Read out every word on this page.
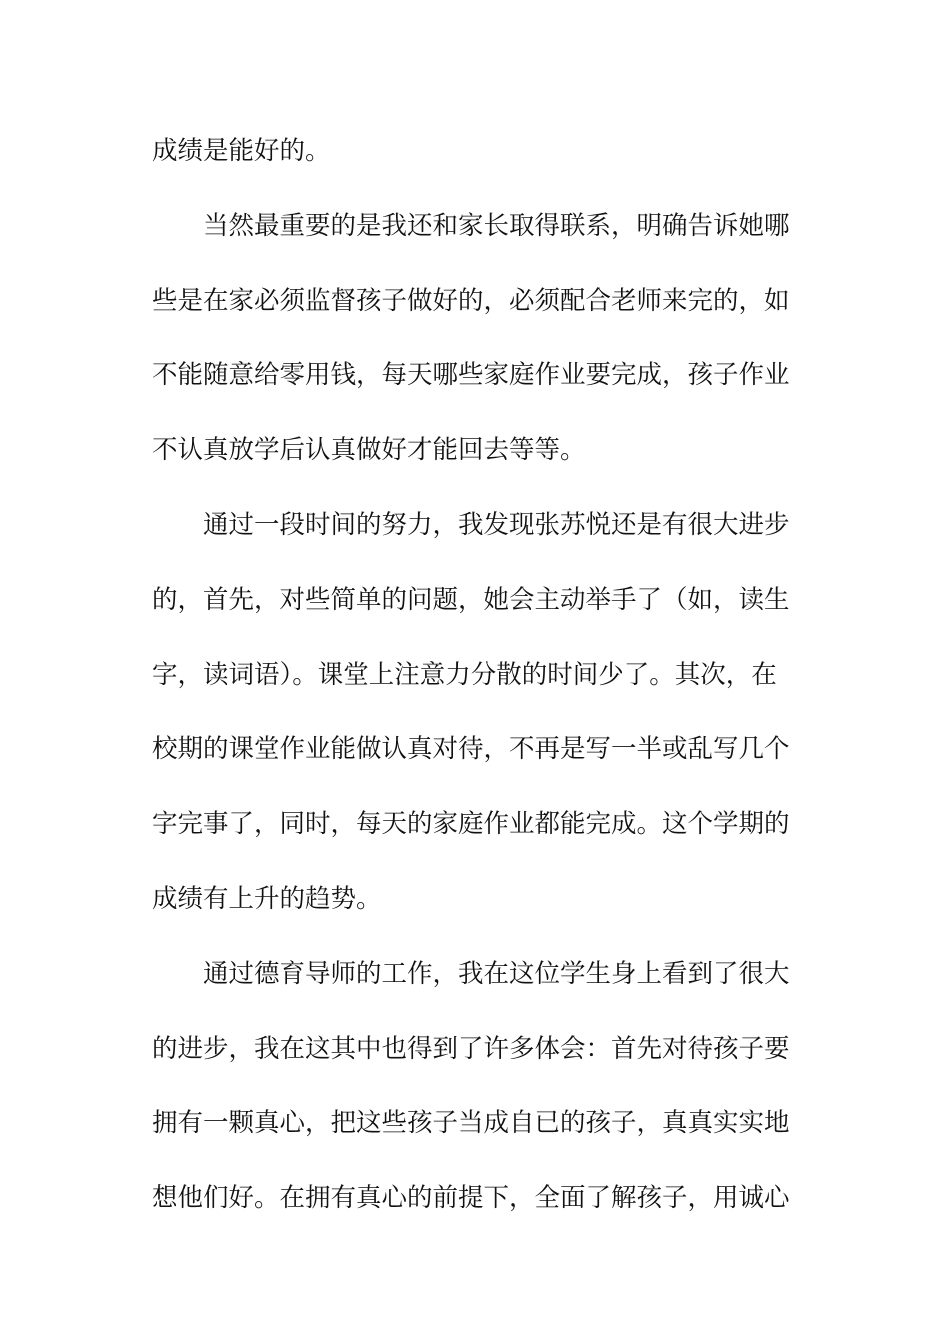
成绩是能好的。
当然最重要的是我还和家长取得联系，明确告诉她哪
些是在家必须监督孩子做好的，必须配合老师来完的，如
不能随意给零用钱，每天哪些家庭作业要完成，孩子作业
不认真放学后认真做好才能回去等等。
通过一段时间的努力，我发现张苏悦还是有很大进步
的，首先，对些简单的问题，她会主动举手了（如，读生
字，读词语）。课堂上注意力分散的时间少了。其次，在
校期的课堂作业能做认真对待，不再是写一半或乱写几个
字完事了，同时，每天的家庭作业都能完成。这个学期的
成绩有上升的趋势。
通过德育导师的工作，我在这位学生身上看到了很大
的进步，我在这其中也得到了许多体会：首先对待孩子要
拥有一颗真心，把这些孩子当成自已的孩子，真真实实地
想他们好。在拥有真心的前提下，全面了解孩子，用诚心
